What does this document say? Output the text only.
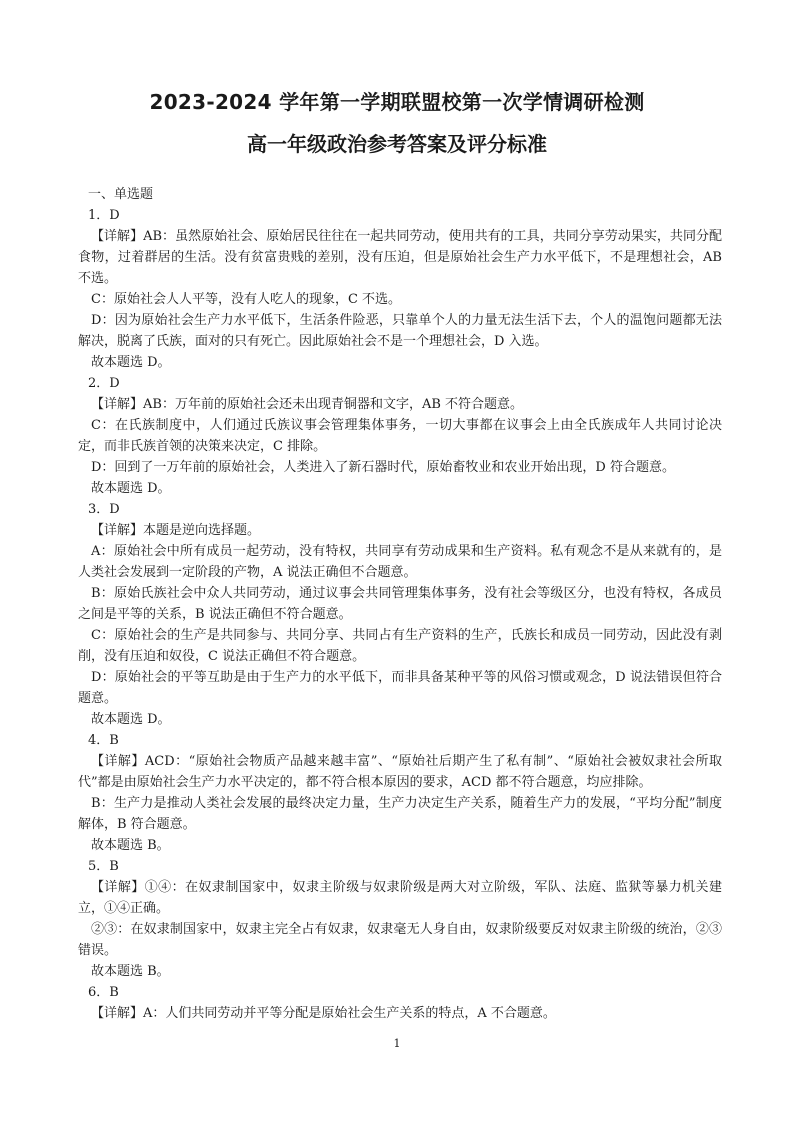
2023-2024 学年第一学期联盟校第一次学情调研检测
高一年级政治参考答案及评分标准

一、单选题

1．D

【详解】AB：虽然原始社会、原始居民往往在一起共同劳动，使用共有的工具，共同分享劳动果实，共同分配食物，过着群居的生活。没有贫富贵贱的差别，没有压迫，但是原始社会生产力水平低下，不是理想社会，AB 不选。

C：原始社会人人平等，没有人吃人的现象，C 不选。

D：因为原始社会生产力水平低下，生活条件险恶，只靠单个人的力量无法生活下去，个人的温饱问题都无法解决，脱离了氏族，面对的只有死亡。因此原始社会不是一个理想社会，D 入选。

故本题选 D。

2．D

【详解】AB：万年前的原始社会还未出现青铜器和文字，AB 不符合题意。

C：在氏族制度中，人们通过氏族议事会管理集体事务，一切大事都在议事会上由全氏族成年人共同讨论决定，而非氏族首领的决策来决定，C 排除。

D：回到了一万年前的原始社会，人类进入了新石器时代，原始畜牧业和农业开始出现，D 符合题意。

故本题选 D。

3．D

【详解】本题是逆向选择题。

A：原始社会中所有成员一起劳动，没有特权，共同享有劳动成果和生产资料。私有观念不是从来就有的，是人类社会发展到一定阶段的产物，A 说法正确但不合题意。

B：原始氏族社会中众人共同劳动，通过议事会共同管理集体事务，没有社会等级区分，也没有特权，各成员之间是平等的关系，B 说法正确但不符合题意。

C：原始社会的生产是共同参与、共同分享、共同占有生产资料的生产，氏族长和成员一同劳动，因此没有剥削，没有压迫和奴役，C 说法正确但不符合题意。

D：原始社会的平等互助是由于生产力的水平低下，而非具备某种平等的风俗习惯或观念，D 说法错误但符合题意。

故本题选 D。

4．B

【详解】ACD：“原始社会物质产品越来越丰富”、“原始社后期产生了私有制”、“原始社会被奴隶社会所取代”都是由原始社会生产力水平决定的，都不符合根本原因的要求，ACD 都不符合题意，均应排除。

B：生产力是推动人类社会发展的最终决定力量，生产力决定生产关系，随着生产力的发展，“平均分配”制度解体，B 符合题意。

故本题选 B。

5．B

【详解】①④：在奴隶制国家中，奴隶主阶级与奴隶阶级是两大对立阶级，军队、法庭、监狱等暴力机关建立，①④正确。

②③：在奴隶制国家中，奴隶主完全占有奴隶，奴隶毫无人身自由，奴隶阶级要反对奴隶主阶级的统治，②③错误。

故本题选 B。

6．B

【详解】A：人们共同劳动并平等分配是原始社会生产关系的特点，A 不合题意。

1
